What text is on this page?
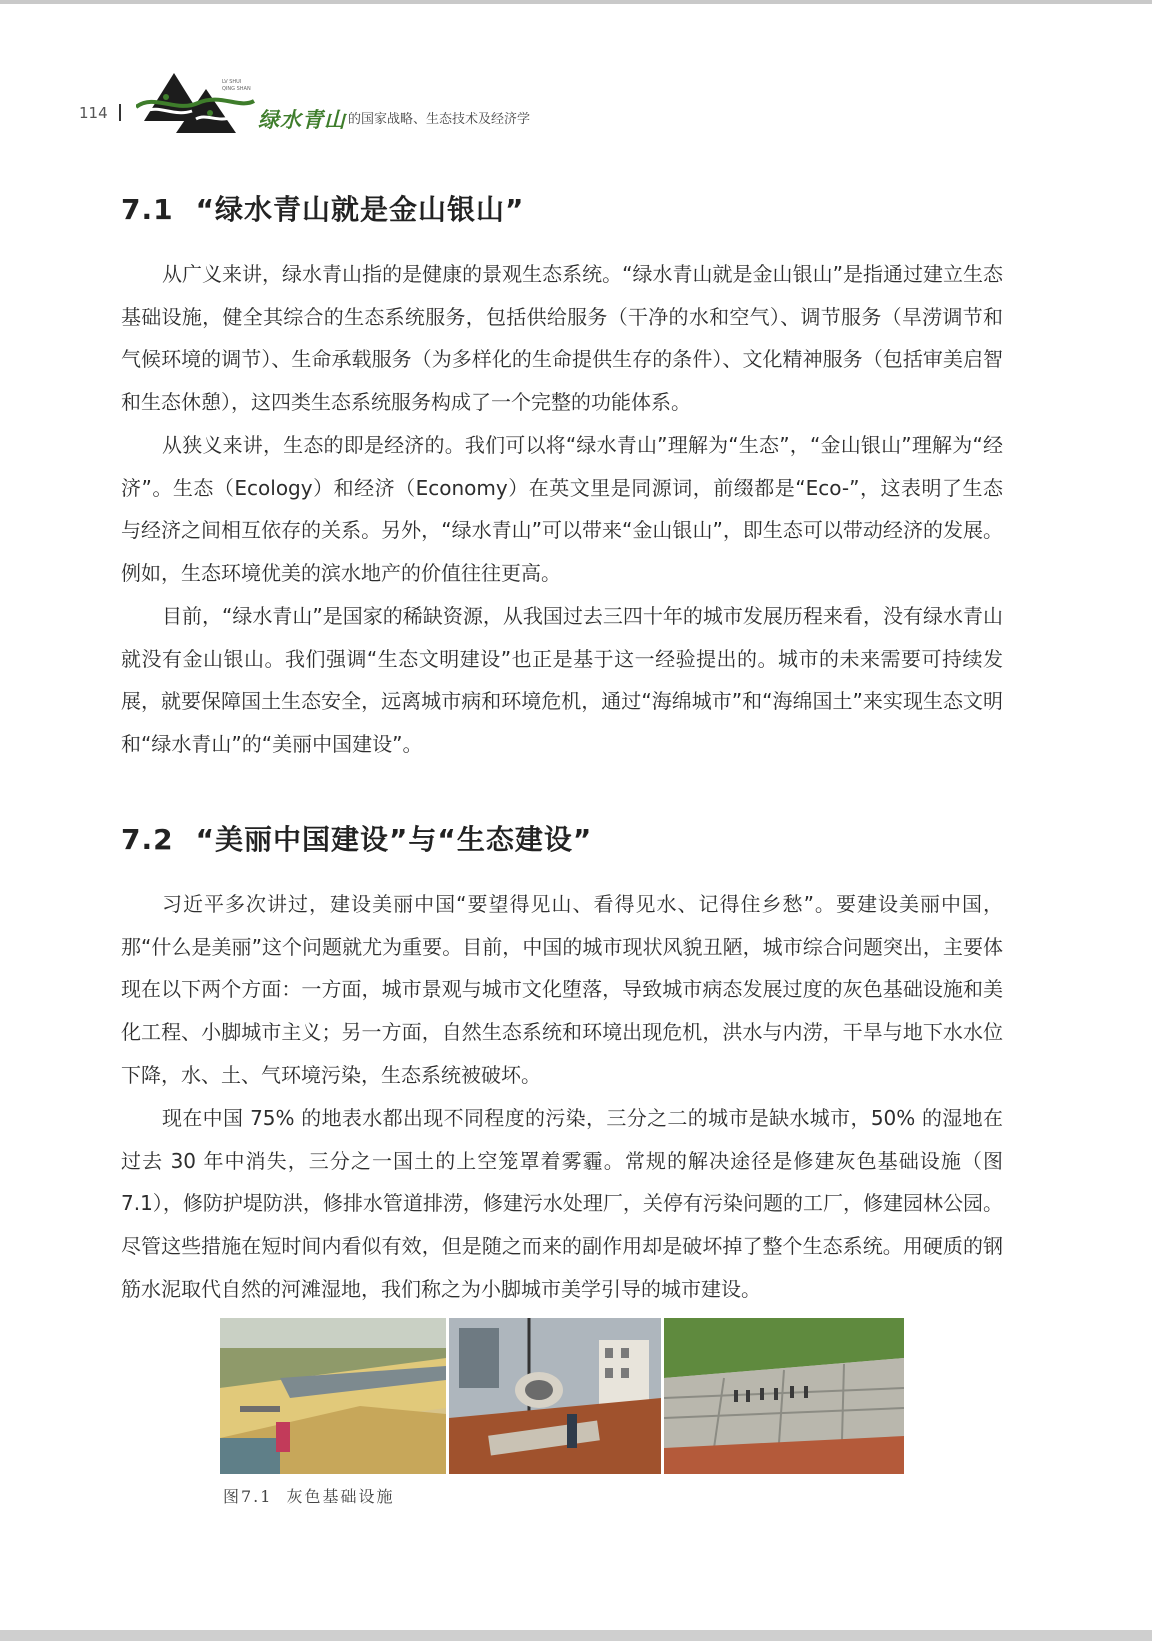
114
LV SHUI
QING SHAN
绿水青山 的国家战略、生态技术及经济学
7.1 “绿水青山就是金山银山”

从广义来讲，绿水青山指的是健康的景观生态系统。“绿水青山就是金山银山”是指通过建立生态基础设施，健全其综合的生态系统服务，包括供给服务（干净的水和空气）、调节服务（旱涝调节和气候环境的调节）、生命承载服务（为多样化的生命提供生存的条件）、文化精神服务（包括审美启智和生态休憩），这四类生态系统服务构成了一个完整的功能体系。

从狭义来讲，生态的即是经济的。我们可以将“绿水青山”理解为“生态”，“金山银山”理解为“经济”。生态（Ecology）和经济（Economy）在英文里是同源词，前缀都是“Eco-”，这表明了生态与经济之间相互依存的关系。另外，“绿水青山”可以带来“金山银山”，即生态可以带动经济的发展。例如，生态环境优美的滨水地产的价值往往更高。

目前，“绿水青山”是国家的稀缺资源，从我国过去三四十年的城市发展历程来看，没有绿水青山就没有金山银山。我们强调“生态文明建设”也正是基于这一经验提出的。城市的未来需要可持续发展，就要保障国土生态安全，远离城市病和环境危机，通过“海绵城市”和“海绵国土”来实现生态文明和“绿水青山”的“美丽中国建设”。

7.2 “美丽中国建设”与“生态建设”

习近平多次讲过，建设美丽中国“要望得见山、看得见水、记得住乡愁”。要建设美丽中国，那“什么是美丽”这个问题就尤为重要。目前，中国的城市现状风貌丑陋，城市综合问题突出，主要体现在以下两个方面：一方面，城市景观与城市文化堕落，导致城市病态发展过度的灰色基础设施和美化工程、小脚城市主义；另一方面，自然生态系统和环境出现危机，洪水与内涝，干旱与地下水水位下降，水、土、气环境污染，生态系统被破坏。

现在中国 75% 的地表水都出现不同程度的污染，三分之二的城市是缺水城市，50% 的湿地在过去 30 年中消失，三分之一国土的上空笼罩着雾霾。常规的解决途径是修建灰色基础设施（图 7.1），修防护堤防洪，修排水管道排涝，修建污水处理厂，关停有污染问题的工厂，修建园林公园。尽管这些措施在短时间内看似有效，但是随之而来的副作用却是破坏掉了整个生态系统。用硬质的钢筋水泥取代自然的河滩湿地，我们称之为小脚城市美学引导的城市建设。

图7.1 灰色基础设施
